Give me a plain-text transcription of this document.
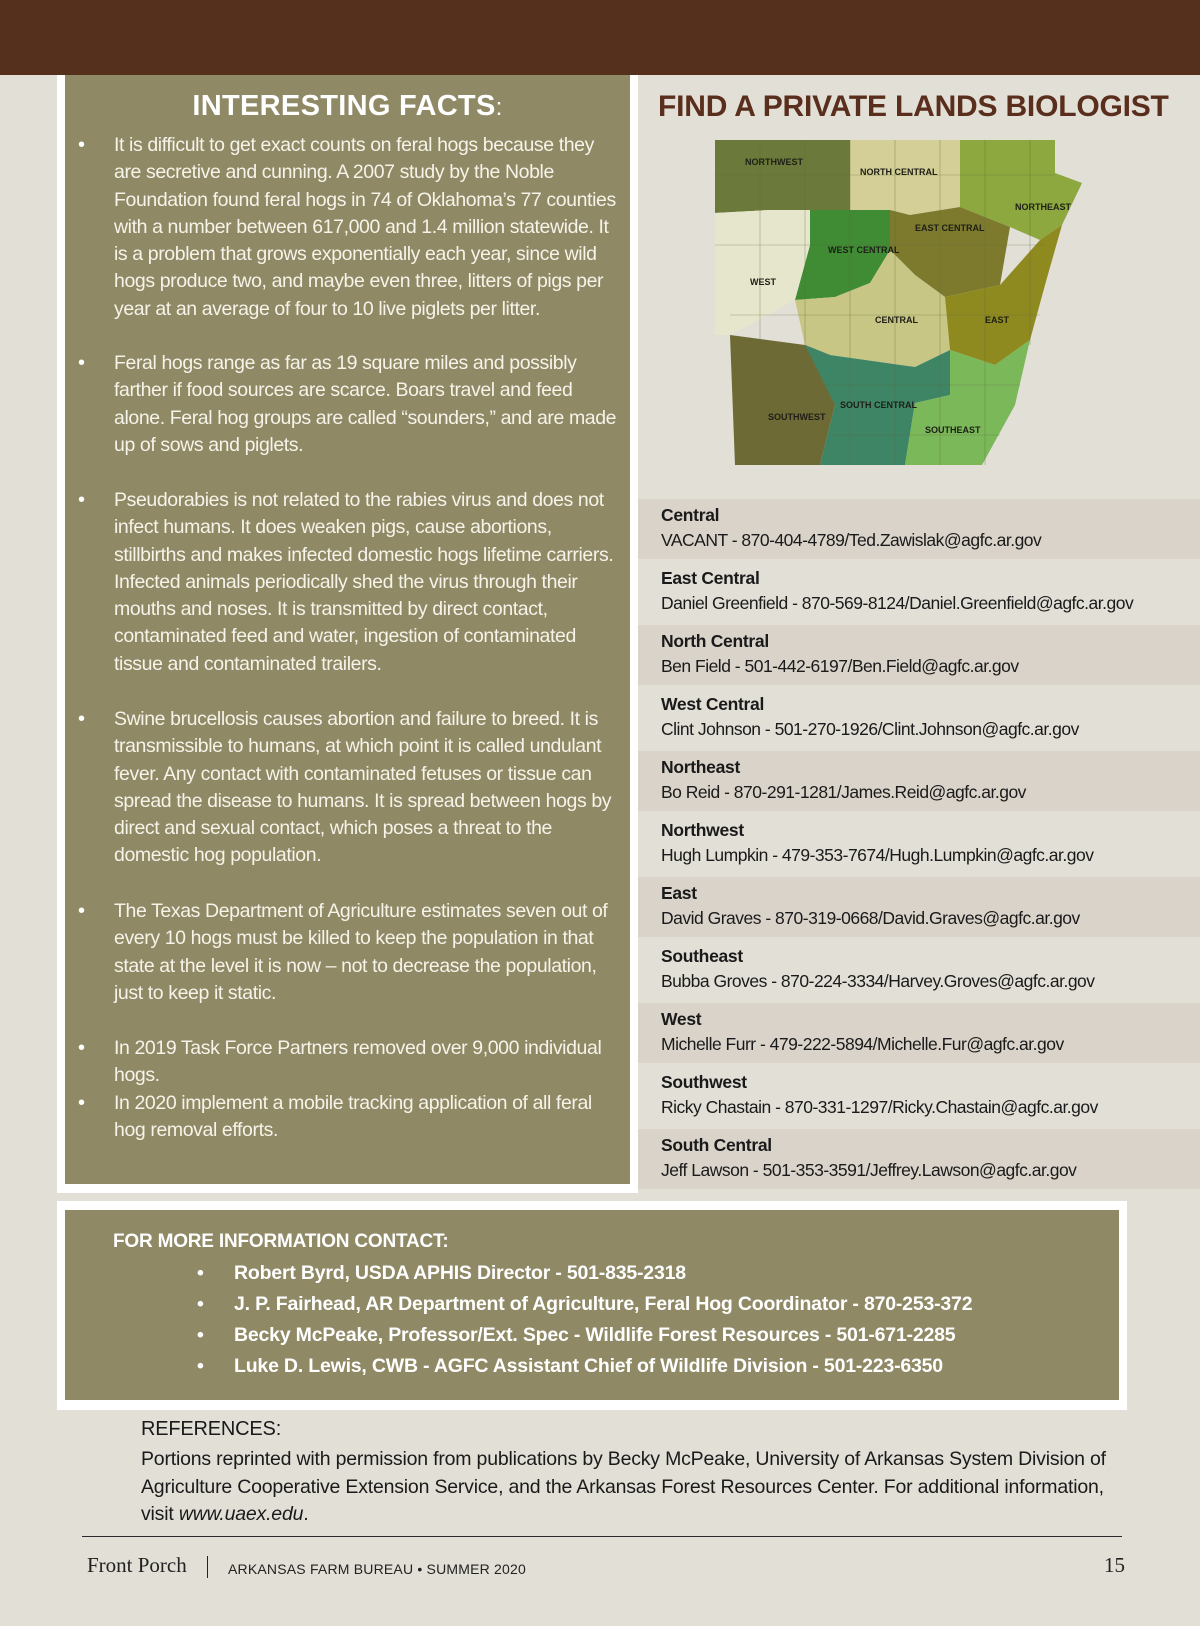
INTERESTING FACTS:
• It is difficult to get exact counts on feral hogs because they are secretive and cunning. A 2007 study by the Noble Foundation found feral hogs in 74 of Oklahoma’s 77 counties with a number between 617,000 and 1.4 million statewide. It is a problem that grows exponentially each year, since wild hogs produce two, and maybe even three, litters of pigs per year at an average of four to 10 live piglets per litter.
• Feral hogs range as far as 19 square miles and possibly farther if food sources are scarce. Boars travel and feed alone. Feral hog groups are called “sounders,” and are made up of sows and piglets.
• Pseudorabies is not related to the rabies virus and does not infect humans. It does weaken pigs, cause abortions, stillbirths and makes infected domestic hogs lifetime carriers. Infected animals periodically shed the virus through their mouths and noses. It is transmitted by direct contact, contaminated feed and water, ingestion of contaminated tissue and contaminated trailers.
• Swine brucellosis causes abortion and failure to breed. It is transmissible to humans, at which point it is called undulant fever. Any contact with contaminated fetuses or tissue can spread the disease to humans. It is spread between hogs by direct and sexual contact, which poses a threat to the domestic hog population.
• The Texas Department of Agriculture estimates seven out of every 10 hogs must be killed to keep the population in that state at the level it is now – not to decrease the population, just to keep it static.
• In 2019 Task Force Partners removed over 9,000 individual hogs.
• In 2020 implement a mobile tracking application of all feral hog removal efforts.
FIND A PRIVATE LANDS BIOLOGIST
NORTHWEST
NORTH CENTRAL
NORTHEAST
EAST CENTRAL
WEST CENTRAL
WEST
CENTRAL	EAST
SOUTH CENTRAL
SOUTHWEST
SOUTHEAST
Central
VACANT - 870-404-4789/Ted.Zawislak@agfc.ar.gov
East Central
Daniel Greenfield - 870-569-8124/Daniel.Greenfield@agfc.ar.gov
North Central
Ben Field - 501-442-6197/Ben.Field@agfc.ar.gov
West Central
Clint Johnson - 501-270-1926/Clint.Johnson@agfc.ar.gov
Northeast
Bo Reid - 870-291-1281/James.Reid@agfc.ar.gov
Northwest
Hugh Lumpkin - 479-353-7674/Hugh.Lumpkin@agfc.ar.gov
East
David Graves - 870-319-0668/David.Graves@agfc.ar.gov
Southeast
Bubba Groves - 870-224-3334/Harvey.Groves@agfc.ar.gov
West
Michelle Furr - 479-222-5894/Michelle.Fur@agfc.ar.gov
Southwest
Ricky Chastain - 870-331-1297/Ricky.Chastain@agfc.ar.gov
South Central
Jeff Lawson - 501-353-3591/Jeffrey.Lawson@agfc.ar.gov
FOR MORE INFORMATION CONTACT:
• Robert Byrd, USDA APHIS Director - 501-835-2318
• J. P. Fairhead, AR Department of Agriculture, Feral Hog Coordinator - 870-253-372
• Becky McPeake, Professor/Ext. Spec - Wildlife Forest Resources - 501-671-2285
• Luke D. Lewis, CWB - AGFC Assistant Chief of Wildlife Division - 501-223-6350
REFERENCES:
Portions reprinted with permission from publications by Becky McPeake, University of Arkansas System Division of Agriculture Cooperative Extension Service, and the Arkansas Forest Resources Center. For additional information, visit www.uaex.edu.
Front Porch	ARKANSAS FARM BUREAU • SUMMER 2020	15
